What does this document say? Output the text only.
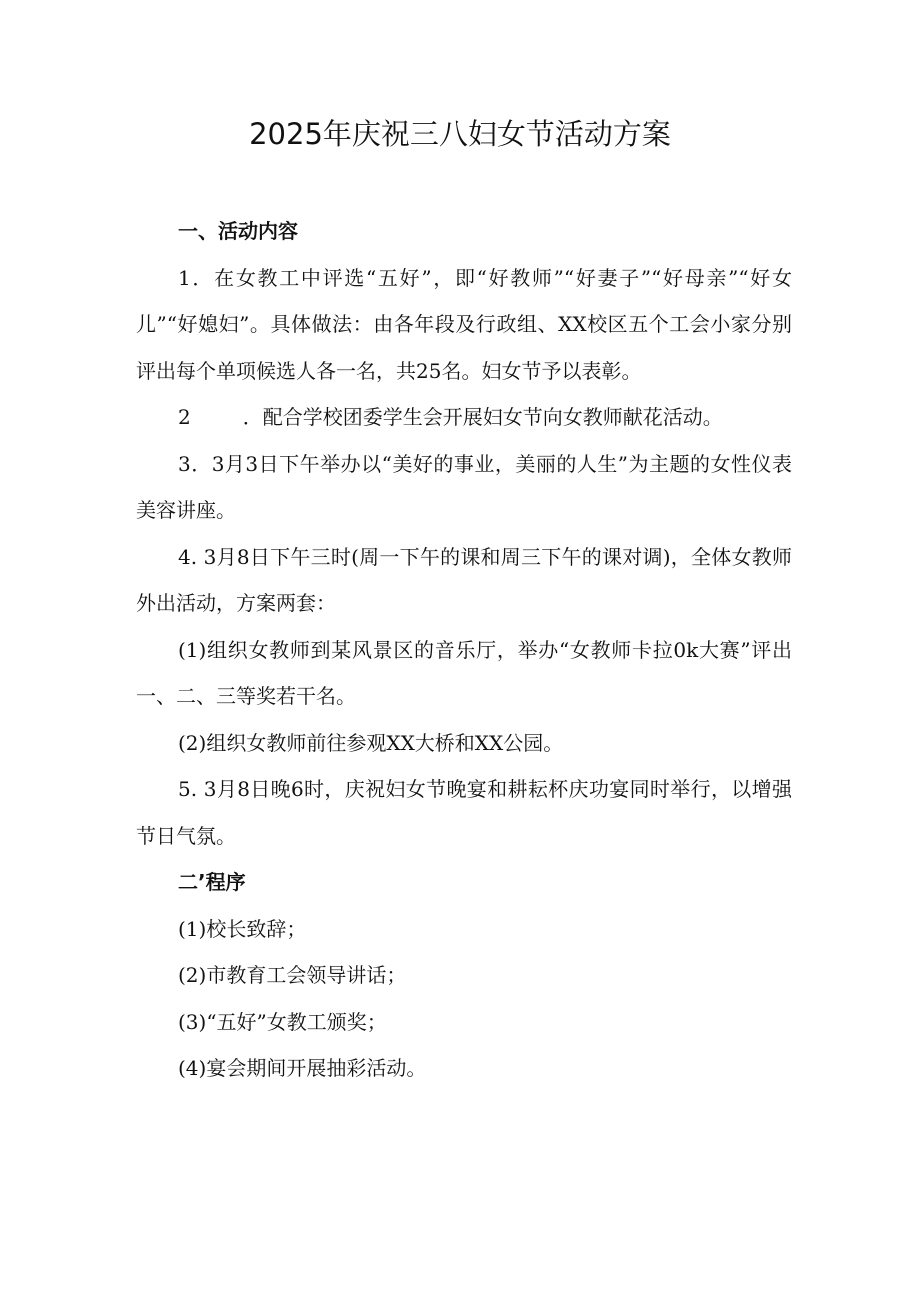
2025年庆祝三八妇女节活动方案

一、活动内容

1．在女教工中评选“五好”，即“好教师”“好妻子”“好母亲”“好女儿”“好媳妇”。具体做法：由各年段及行政组、XX校区五个工会小家分别评出每个单项候选人各一名，共25名。妇女节予以表彰。

2	．配合学校团委学生会开展妇女节向女教师献花活动。

3．3月3日下午举办以“美好的事业，美丽的人生”为主题的女性仪表美容讲座。

4. 3月8日下午三时(周一下午的课和周三下午的课对调)，全体女教师外出活动，方案两套：

(1)组织女教师到某风景区的音乐厅，举办“女教师卡拉0k大赛”评出一、二、三等奖若干名。

(2)组织女教师前往参观XX大桥和XX公园。

5. 3月8日晚6时，庆祝妇女节晚宴和耕耘杯庆功宴同时举行，以增强节日气氛。

二’程序

(1)校长致辞；

(2)市教育工会领导讲话；

(3)“五好”女教工颁奖；

(4)宴会期间开展抽彩活动。
